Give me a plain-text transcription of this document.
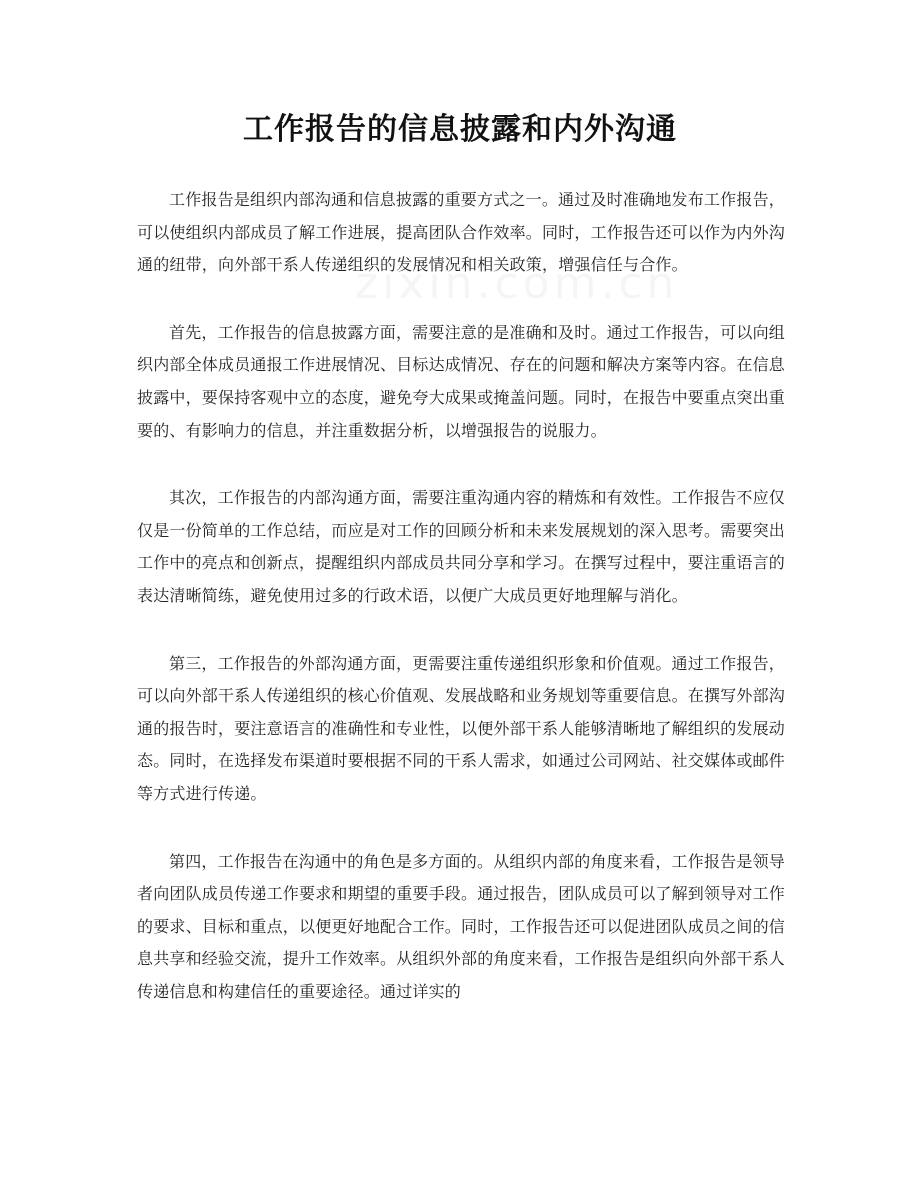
工作报告的信息披露和内外沟通

工作报告是组织内部沟通和信息披露的重要方式之一。通过及时准确地发布工作报告，可以使组织内部成员了解工作进展，提高团队合作效率。同时，工作报告还可以作为内外沟通的纽带，向外部干系人传递组织的发展情况和相关政策，增强信任与合作。

首先，工作报告的信息披露方面，需要注意的是准确和及时。通过工作报告，可以向组织内部全体成员通报工作进展情况、目标达成情况、存在的问题和解决方案等内容。在信息披露中，要保持客观中立的态度，避免夸大成果或掩盖问题。同时，在报告中要重点突出重要的、有影响力的信息，并注重数据分析，以增强报告的说服力。

其次，工作报告的内部沟通方面，需要注重沟通内容的精炼和有效性。工作报告不应仅仅是一份简单的工作总结，而应是对工作的回顾分析和未来发展规划的深入思考。需要突出工作中的亮点和创新点，提醒组织内部成员共同分享和学习。在撰写过程中，要注重语言的表达清晰简练，避免使用过多的行政术语，以便广大成员更好地理解与消化。

第三，工作报告的外部沟通方面，更需要注重传递组织形象和价值观。通过工作报告，可以向外部干系人传递组织的核心价值观、发展战略和业务规划等重要信息。在撰写外部沟通的报告时，要注意语言的准确性和专业性，以便外部干系人能够清晰地了解组织的发展动态。同时，在选择发布渠道时要根据不同的干系人需求，如通过公司网站、社交媒体或邮件等方式进行传递。

第四，工作报告在沟通中的角色是多方面的。从组织内部的角度来看，工作报告是领导者向团队成员传递工作要求和期望的重要手段。通过报告，团队成员可以了解到领导对工作的要求、目标和重点，以便更好地配合工作。同时，工作报告还可以促进团队成员之间的信息共享和经验交流，提升工作效率。从组织外部的角度来看，工作报告是组织向外部干系人传递信息和构建信任的重要途径。通过详实的
